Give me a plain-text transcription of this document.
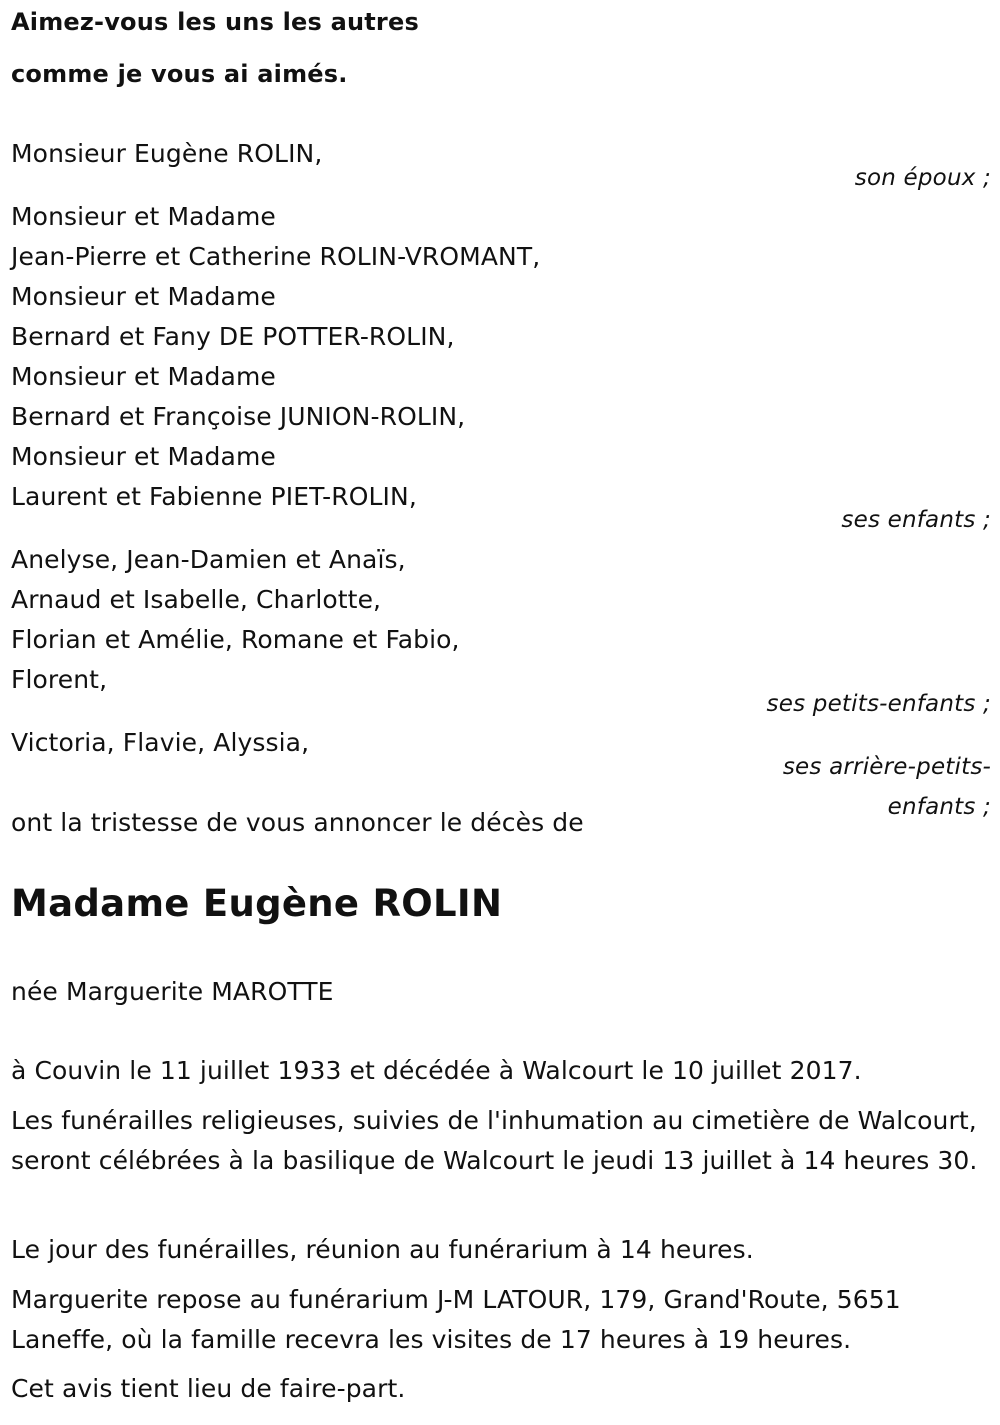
Aimez-vous les uns les autres
comme je vous ai aimés.
Monsieur Eugène ROLIN,
son époux ;
Monsieur et Madame
Jean-Pierre et Catherine ROLIN-VROMANT,
Monsieur et Madame
Bernard et Fany DE POTTER-ROLIN,
Monsieur et Madame
Bernard et Françoise JUNION-ROLIN,
Monsieur et Madame
Laurent et Fabienne PIET-ROLIN,
ses enfants ;
Anelyse, Jean-Damien et Anaïs,
Arnaud et Isabelle, Charlotte,
Florian et Amélie, Romane et Fabio,
Florent,
ses petits-enfants ;
Victoria, Flavie, Alyssia,
ses arrière-petits-
enfants ;
ont la tristesse de vous annoncer le décès de
Madame Eugène ROLIN
née Marguerite MAROTTE
à Couvin le 11 juillet 1933 et décédée à Walcourt le 10 juillet 2017.
Les funérailles religieuses, suivies de l'inhumation au cimetière de Walcourt, seront célébrées à la basilique de Walcourt le jeudi 13 juillet à 14 heures 30.
Le jour des funérailles, réunion au funérarium à 14 heures.
Marguerite repose au funérarium J-M LATOUR, 179, Grand'Route, 5651 Laneffe, où la famille recevra les visites de 17 heures à 19 heures.
Cet avis tient lieu de faire-part.
